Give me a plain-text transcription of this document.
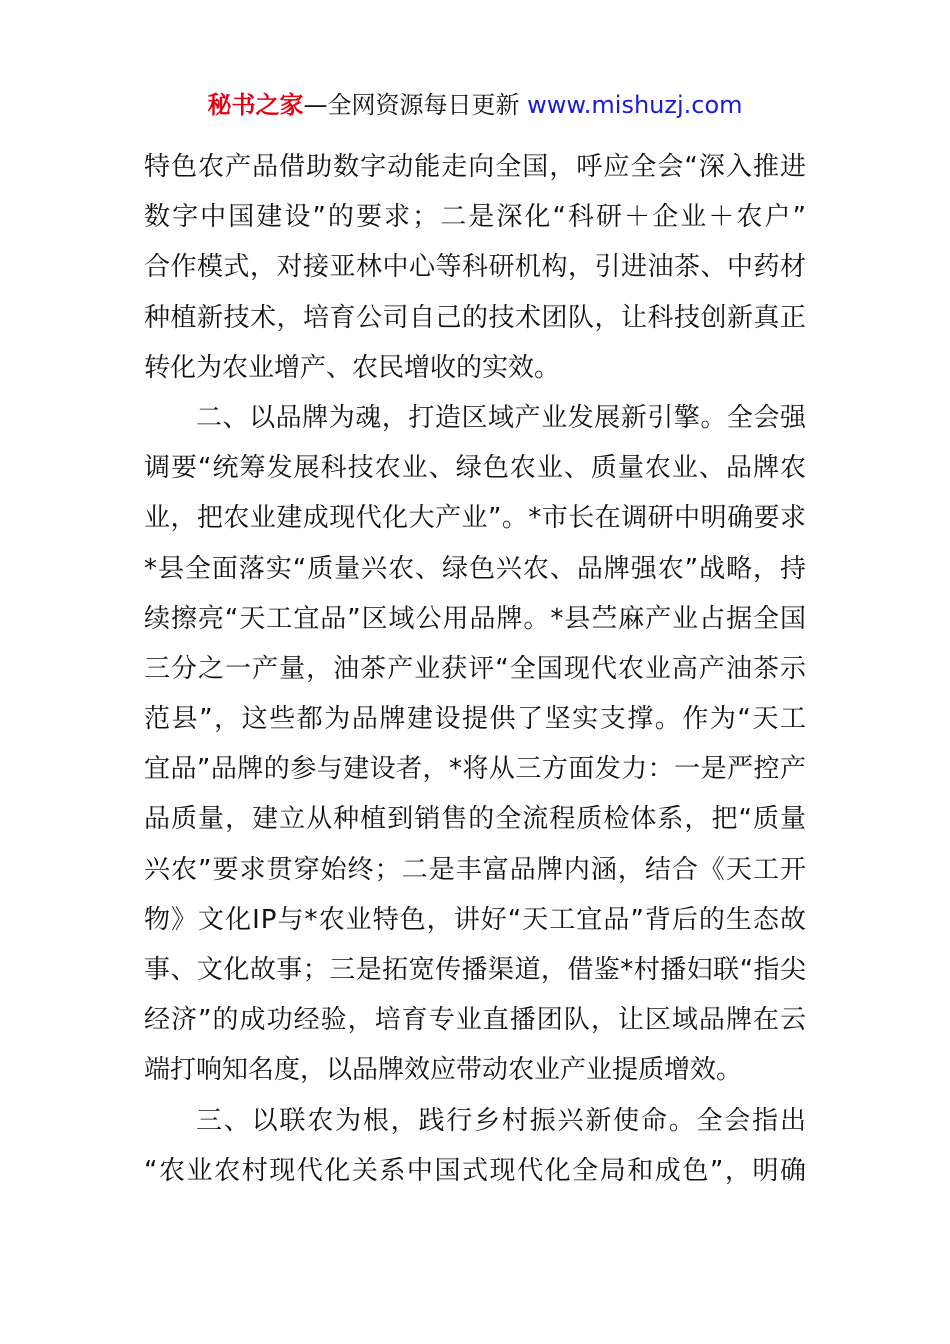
秘书之家—全网资源每日更新 www.mishuzj.com
特色农产品借助数字动能走向全国，呼应全会“深入推进
数字中国建设”的要求；二是深化“科研＋企业＋农户”
合作模式，对接亚林中心等科研机构，引进油茶、中药材
种植新技术，培育公司自己的技术团队，让科技创新真正
转化为农业增产、农民增收的实效。
二、以品牌为魂，打造区域产业发展新引擎。全会强
调要“统筹发展科技农业、绿色农业、质量农业、品牌农
业，把农业建成现代化大产业”。*市长在调研中明确要求
*县全面落实“质量兴农、绿色兴农、品牌强农”战略，持
续擦亮“天工宜品”区域公用品牌。*县苎麻产业占据全国
三分之一产量，油茶产业获评“全国现代农业高产油茶示
范县”，这些都为品牌建设提供了坚实支撑。作为“天工
宜品”品牌的参与建设者，*将从三方面发力：一是严控产
品质量，建立从种植到销售的全流程质检体系，把“质量
兴农”要求贯穿始终；二是丰富品牌内涵，结合《天工开
物》文化IP与*农业特色，讲好“天工宜品”背后的生态故
事、文化故事；三是拓宽传播渠道，借鉴*村播妇联“指尖
经济”的成功经验，培育专业直播团队，让区域品牌在云
端打响知名度，以品牌效应带动农业产业提质增效。
三、以联农为根，践行乡村振兴新使命。全会指出
“农业农村现代化关系中国式现代化全局和成色”，明确
